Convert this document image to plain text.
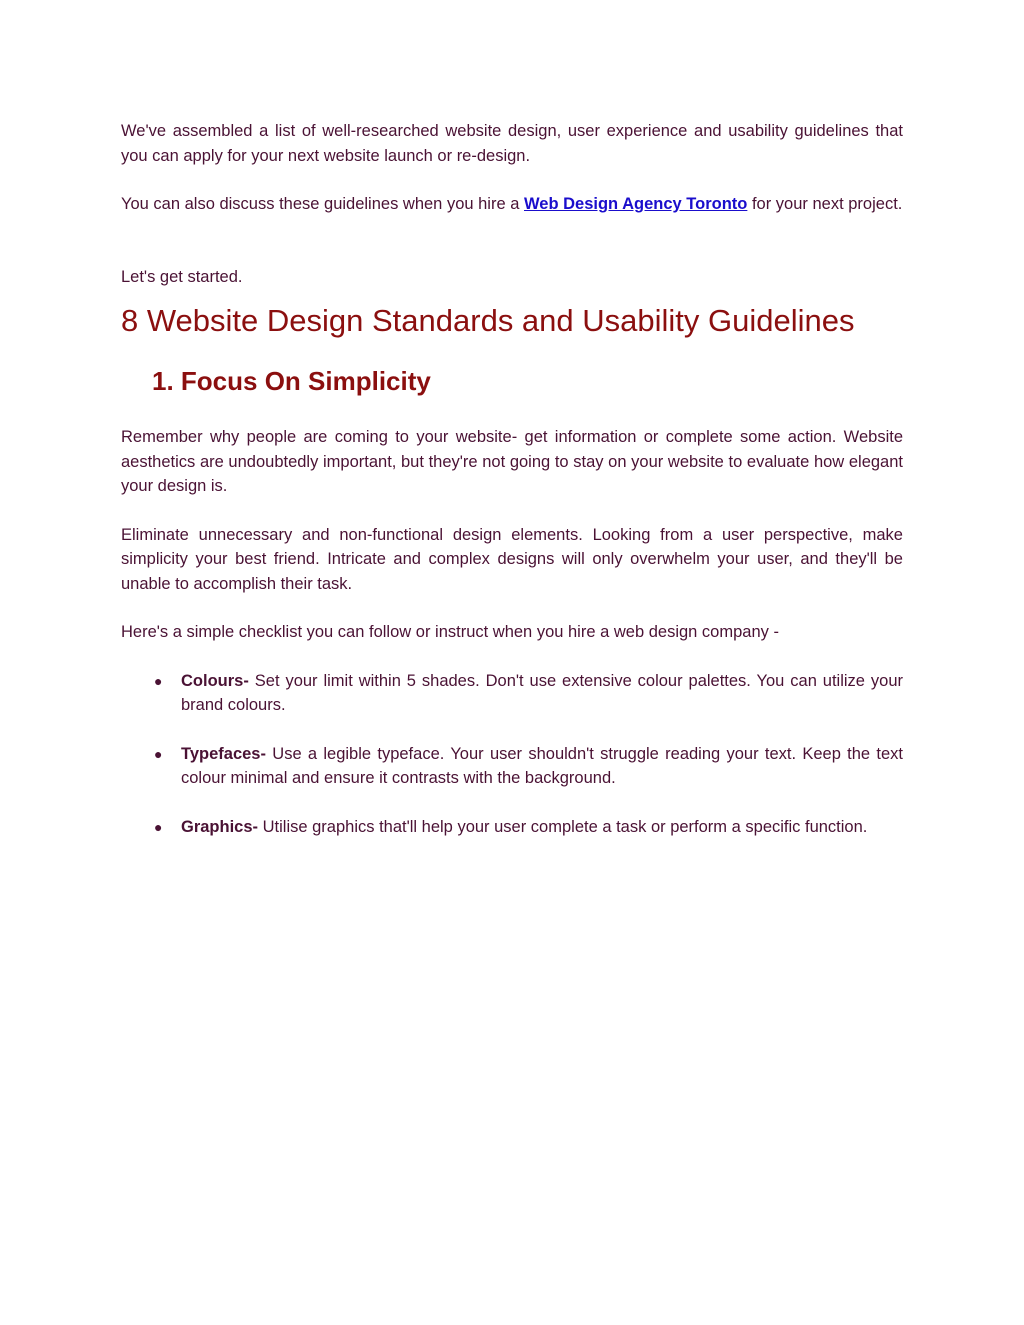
We've assembled a list of well-researched website design, user experience and usability guidelines that you can apply for your next website launch or re-design.

You can also discuss these guidelines when you hire a Web Design Agency Toronto for your next project.

Let's get started.

8 Website Design Standards and Usability Guidelines
1. Focus On Simplicity

Remember why people are coming to your website- get information or complete some action. Website aesthetics are undoubtedly important, but they're not going to stay on your website to evaluate how elegant your design is.

Eliminate unnecessary and non-functional design elements. Looking from a user perspective, make simplicity your best friend. Intricate and complex designs will only overwhelm your user, and they'll be unable to accomplish their task.

Here's a simple checklist you can follow or instruct when you hire a web design company -

● Colours- Set your limit within 5 shades. Don't use extensive colour palettes. You can utilize your brand colours.
● Typefaces- Use a legible typeface. Your user shouldn't struggle reading your text. Keep the text colour minimal and ensure it contrasts with the background.
● Graphics- Utilise graphics that'll help your user complete a task or perform a specific function.
